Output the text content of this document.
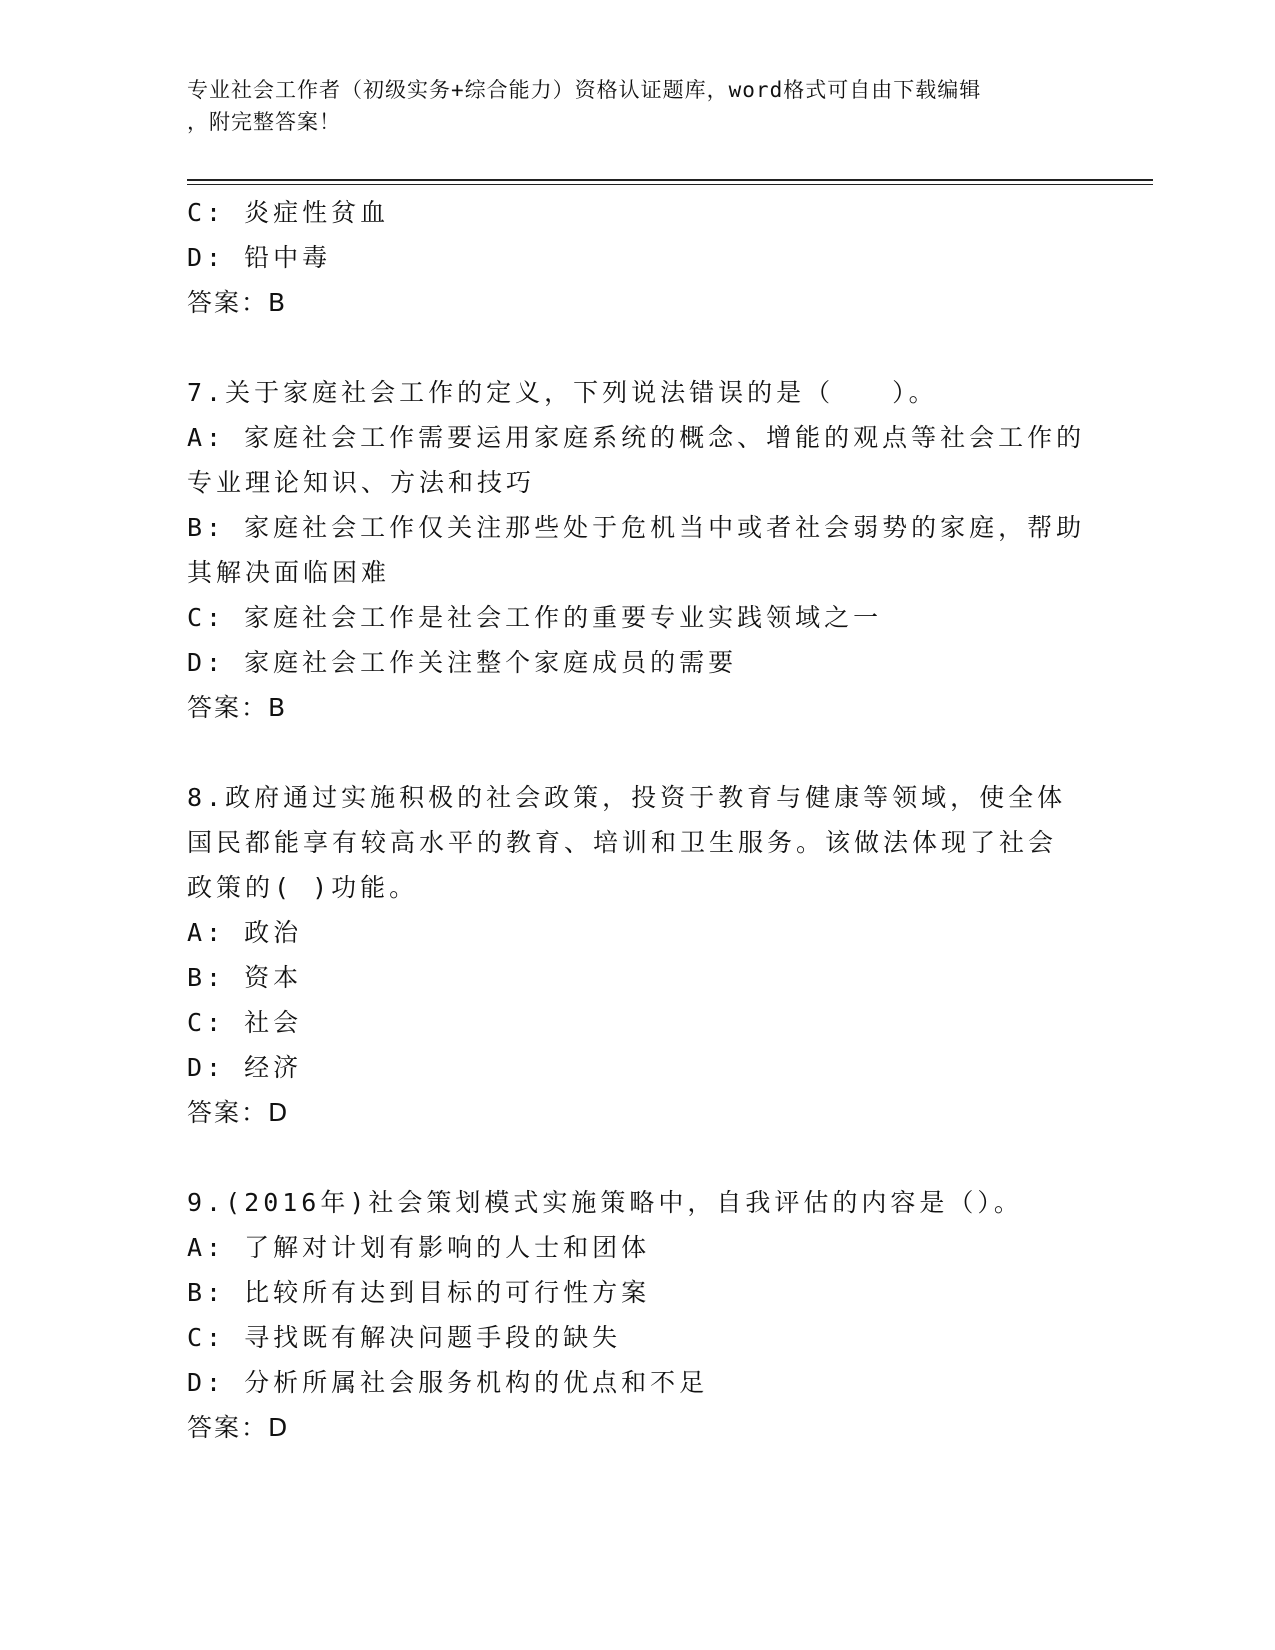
专业社会工作者（初级实务+综合能力）资格认证题库，word格式可自由下载编辑
，附完整答案！
C: 炎症性贫血
D: 铅中毒
答案：B
7.关于家庭社会工作的定义，下列说法错误的是（　　）。
A: 家庭社会工作需要运用家庭系统的概念、增能的观点等社会工作的
专业理论知识、方法和技巧
B: 家庭社会工作仅关注那些处于危机当中或者社会弱势的家庭，帮助
其解决面临困难
C: 家庭社会工作是社会工作的重要专业实践领域之一
D: 家庭社会工作关注整个家庭成员的需要
答案：B
8.政府通过实施积极的社会政策，投资于教育与健康等领域，使全体
国民都能享有较高水平的教育、培训和卫生服务。该做法体现了社会
政策的( )功能。
A: 政治
B: 资本
C: 社会
D: 经济
答案：D
9.(2016年)社会策划模式实施策略中，自我评估的内容是（）。
A: 了解对计划有影响的人士和团体
B: 比较所有达到目标的可行性方案
C: 寻找既有解决问题手段的缺失
D: 分析所属社会服务机构的优点和不足
答案：D
